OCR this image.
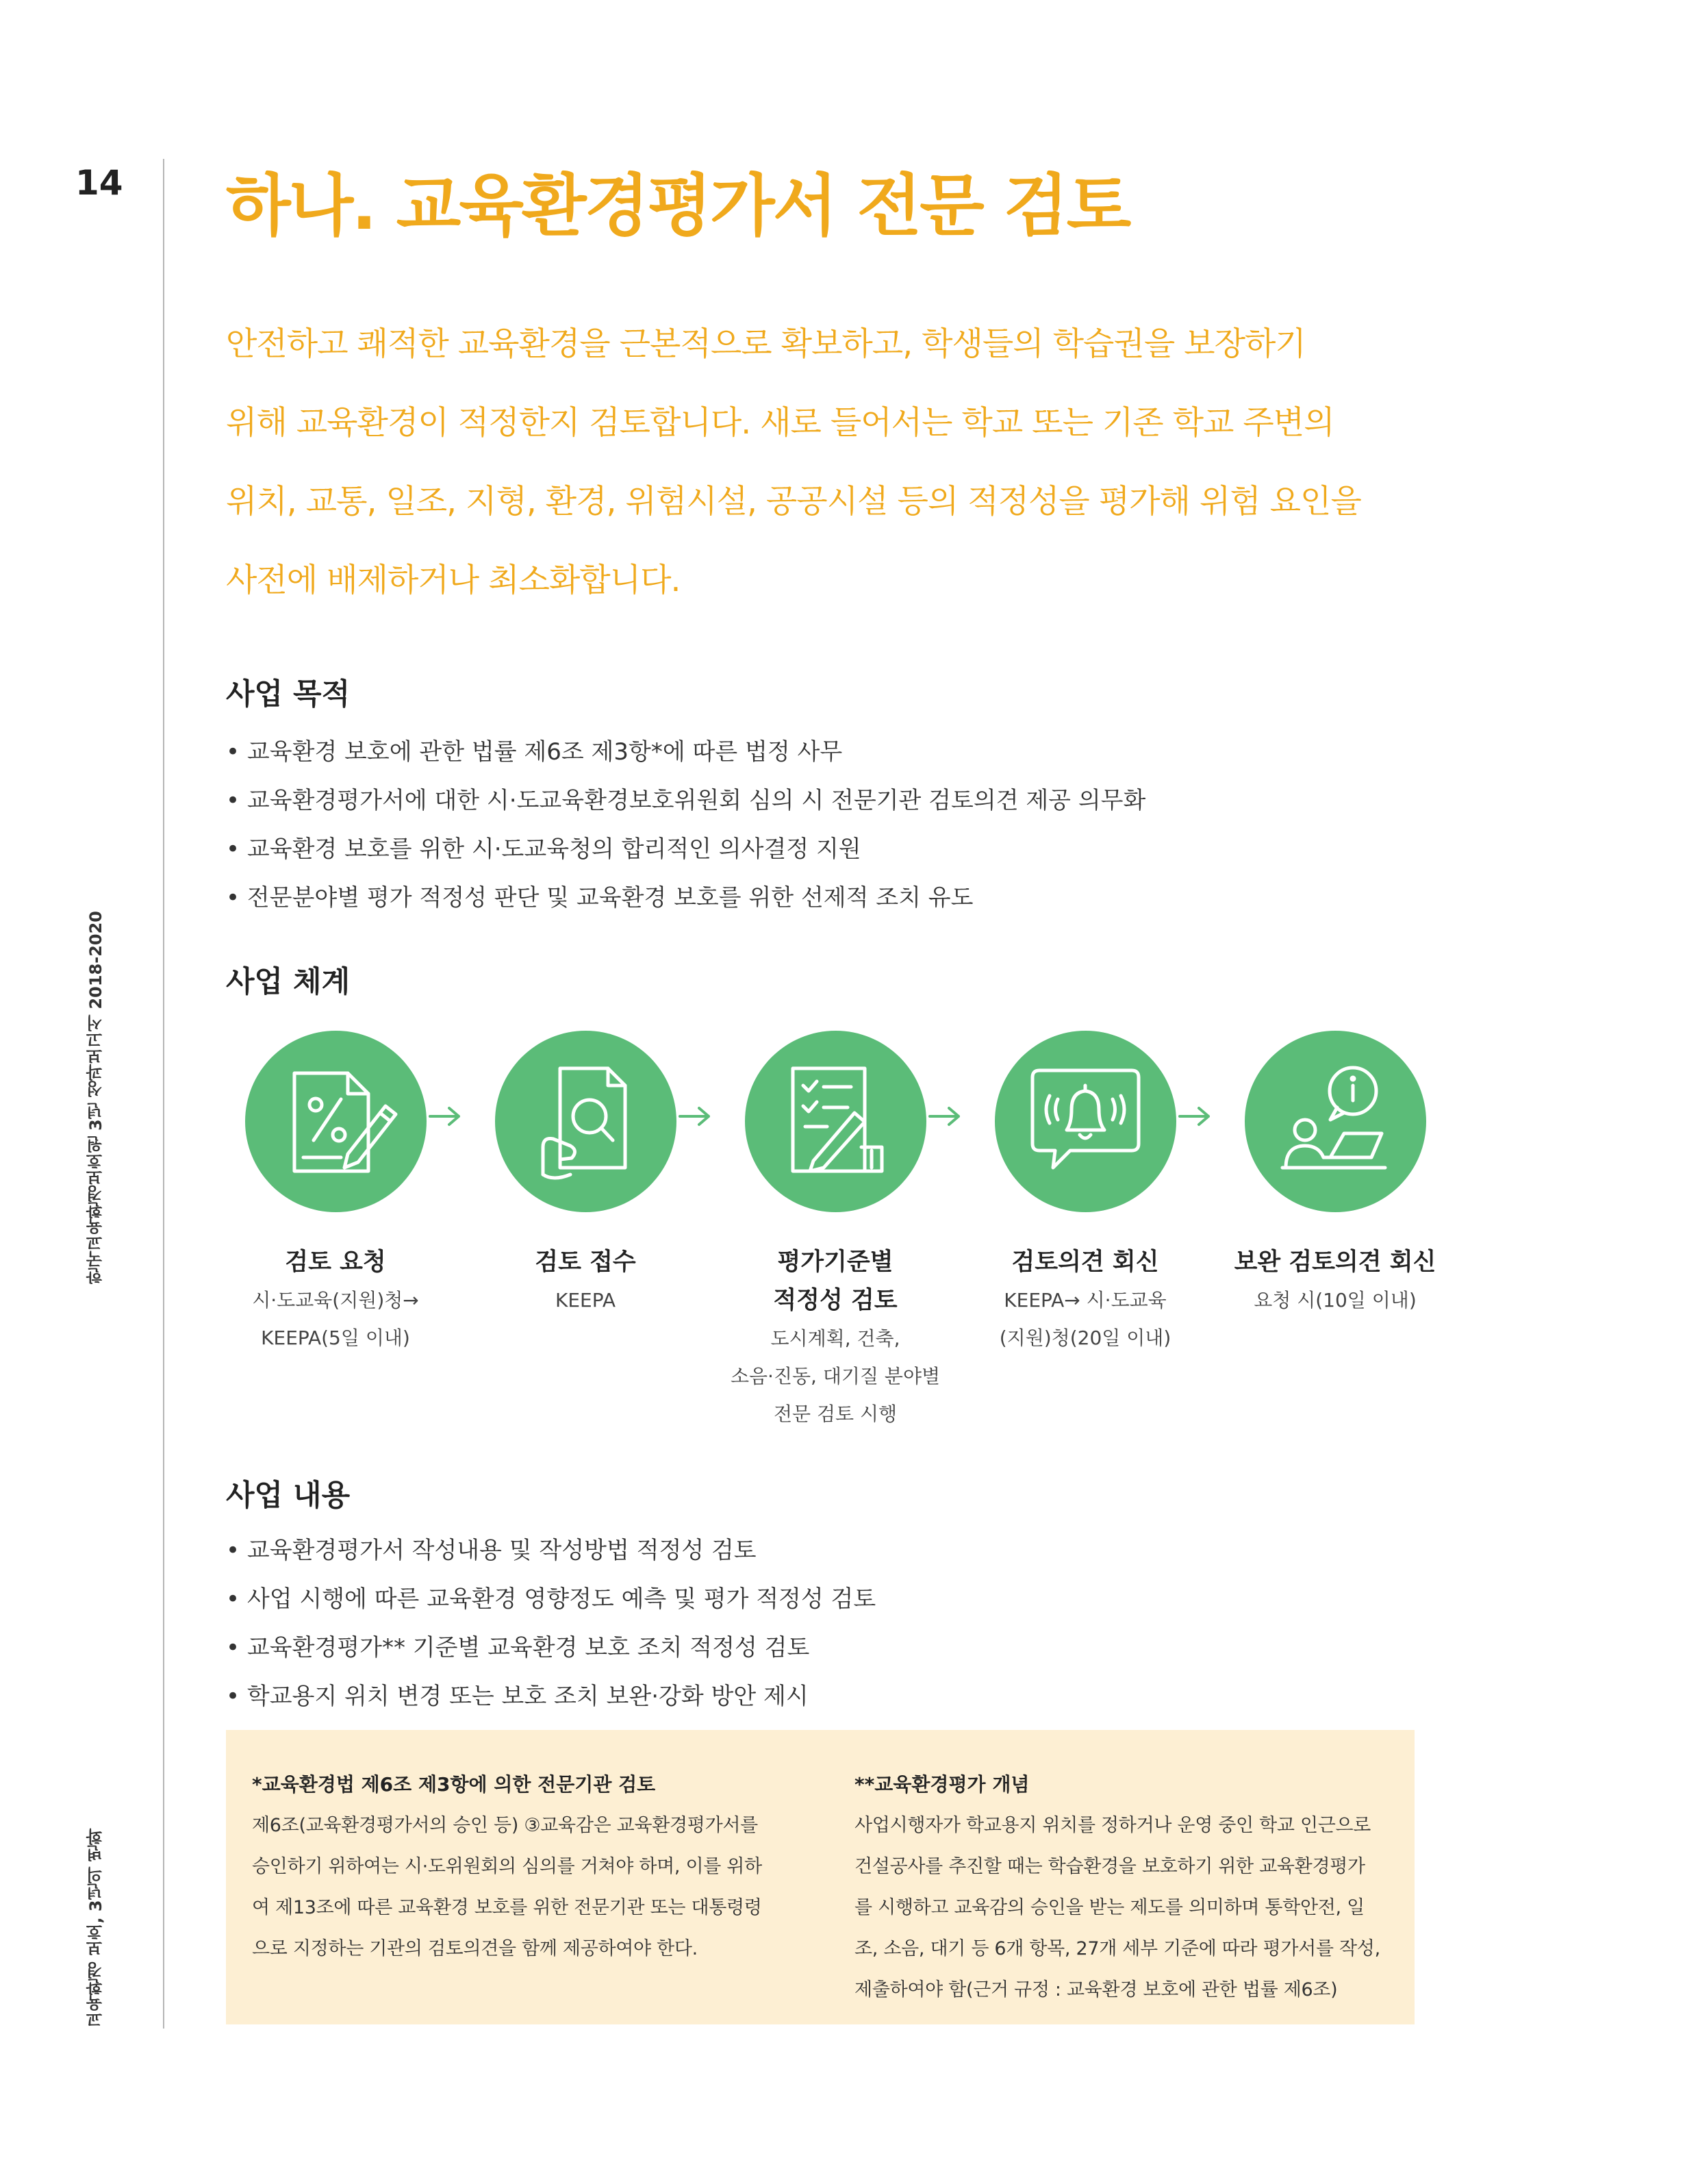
14
한국교육환경보호원 3년 성과보고서 2018-2020
교육환경 보호, 3년의 변화
하나. 교육환경평가서 전문 검토
안전하고 쾌적한 교육환경을 근본적으로 확보하고, 학생들의 학습권을 보장하기
위해 교육환경이 적정한지 검토합니다. 새로 들어서는 학교 또는 기존 학교 주변의
위치, 교통, 일조, 지형, 환경, 위험시설, 공공시설 등의 적정성을 평가해 위험 요인을
사전에 배제하거나 최소화합니다.
사업 목적
• 교육환경 보호에 관한 법률 제6조 제3항*에 따른 법정 사무
• 교육환경평가서에 대한 시·도교육환경보호위원회 심의 시 전문기관 검토의견 제공 의무화
• 교육환경 보호를 위한 시·도교육청의 합리적인 의사결정 지원
• 전문분야별 평가 적정성 판단 및 교육환경 보호를 위한 선제적 조치 유도
사업 체계
검토 요청
시·도교육(지원)청→
KEEPA(5일 이내)
검토 접수
KEEPA
평가기준별
적정성 검토
도시계획, 건축,
소음·진동, 대기질 분야별
전문 검토 시행
검토의견 회신
KEEPA→ 시·도교육
(지원)청(20일 이내)
보완 검토의견 회신
요청 시(10일 이내)
사업 내용
• 교육환경평가서 작성내용 및 작성방법 적정성 검토
• 사업 시행에 따른 교육환경 영향정도 예측 및 평가 적정성 검토
• 교육환경평가** 기준별 교육환경 보호 조치 적정성 검토
• 학교용지 위치 변경 또는 보호 조치 보완·강화 방안 제시
*교육환경법 제6조 제3항에 의한 전문기관 검토
제6조(교육환경평가서의 승인 등) ③교육감은 교육환경평가서를
승인하기 위하여는 시·도위원회의 심의를 거쳐야 하며, 이를 위하
여 제13조에 따른 교육환경 보호를 위한 전문기관 또는 대통령령
으로 지정하는 기관의 검토의견을 함께 제공하여야 한다.
**교육환경평가 개념
사업시행자가 학교용지 위치를 정하거나 운영 중인 학교 인근으로
건설공사를 추진할 때는 학습환경을 보호하기 위한 교육환경평가
를 시행하고 교육감의 승인을 받는 제도를 의미하며 통학안전, 일
조, 소음, 대기 등 6개 항목, 27개 세부 기준에 따라 평가서를 작성,
제출하여야 함(근거 규정 : 교육환경 보호에 관한 법률 제6조)
